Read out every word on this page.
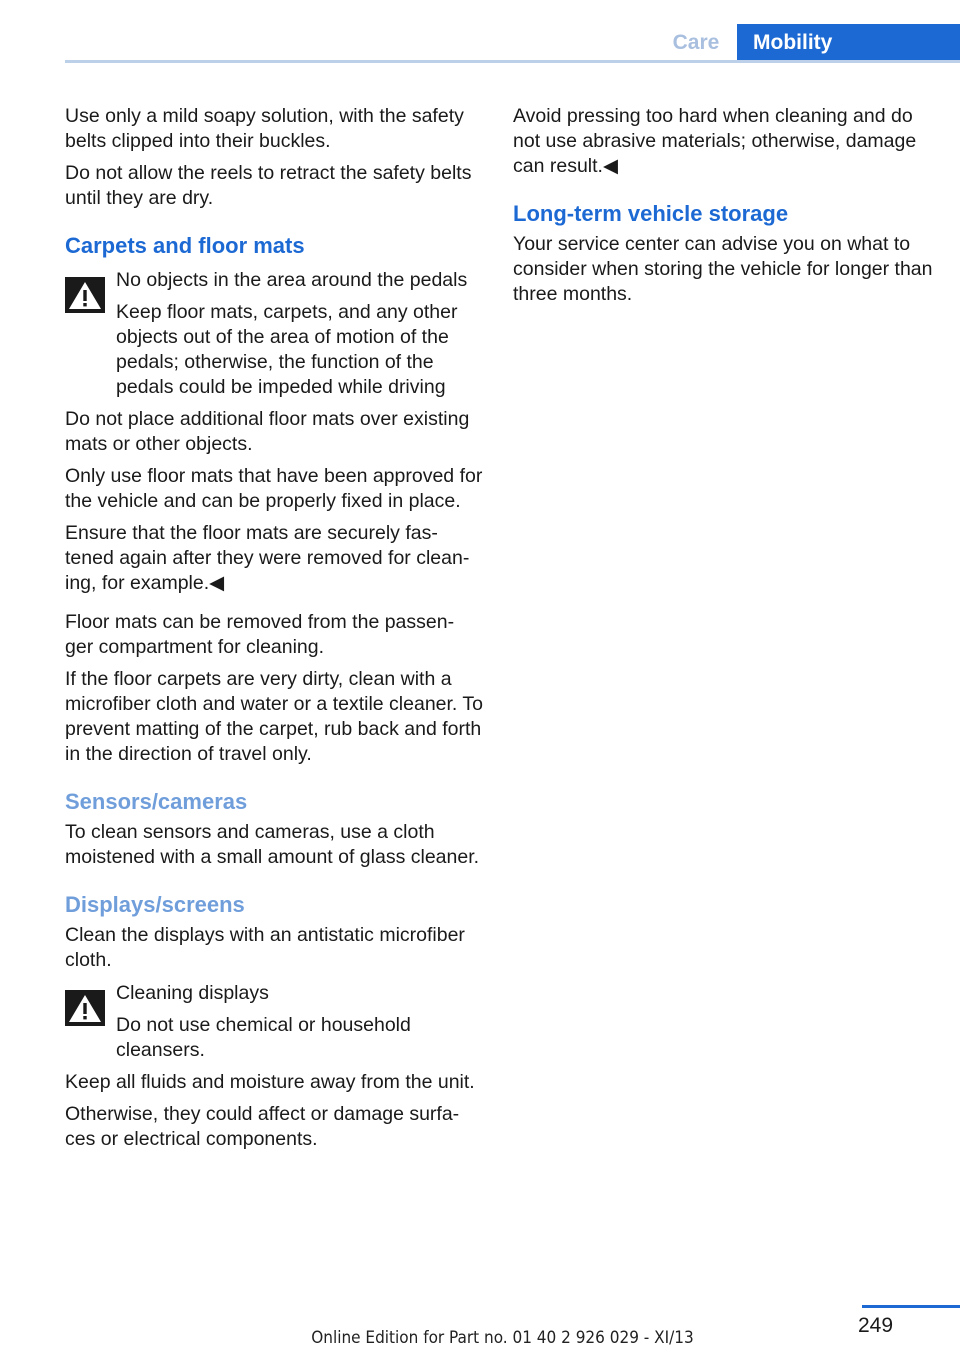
Care	Mobility

Use only a mild soapy solution, with the safety belts clipped into their buckles.

Do not allow the reels to retract the safety belts until they are dry.

Carpets and floor mats

No objects in the area around the pedals

Keep floor mats, carpets, and any other objects out of the area of motion of the pedals; otherwise, the function of the pedals could be impeded while driving

Do not place additional floor mats over existing mats or other objects.

Only use floor mats that have been approved for the vehicle and can be properly fixed in place.

Ensure that the floor mats are securely fas‐ tened again after they were removed for clean‐ ing, for example.◀

Floor mats can be removed from the passen‐ ger compartment for cleaning.

If the floor carpets are very dirty, clean with a microfiber cloth and water or a textile cleaner. To prevent matting of the carpet, rub back and forth in the direction of travel only.

Sensors/cameras

To clean sensors and cameras, use a cloth moistened with a small amount of glass cleaner.

Displays/screens

Clean the displays with an antistatic microfiber cloth.

Cleaning displays

Do not use chemical or household cleansers.

Keep all fluids and moisture away from the unit.

Otherwise, they could affect or damage surfa‐ ces or electrical components.

Avoid pressing too hard when cleaning and do not use abrasive materials; otherwise, damage can result.◀

Long-term vehicle storage

Your service center can advise you on what to consider when storing the vehicle for longer than three months.

249
Online Edition for Part no. 01 40 2 926 029 - XI/13
